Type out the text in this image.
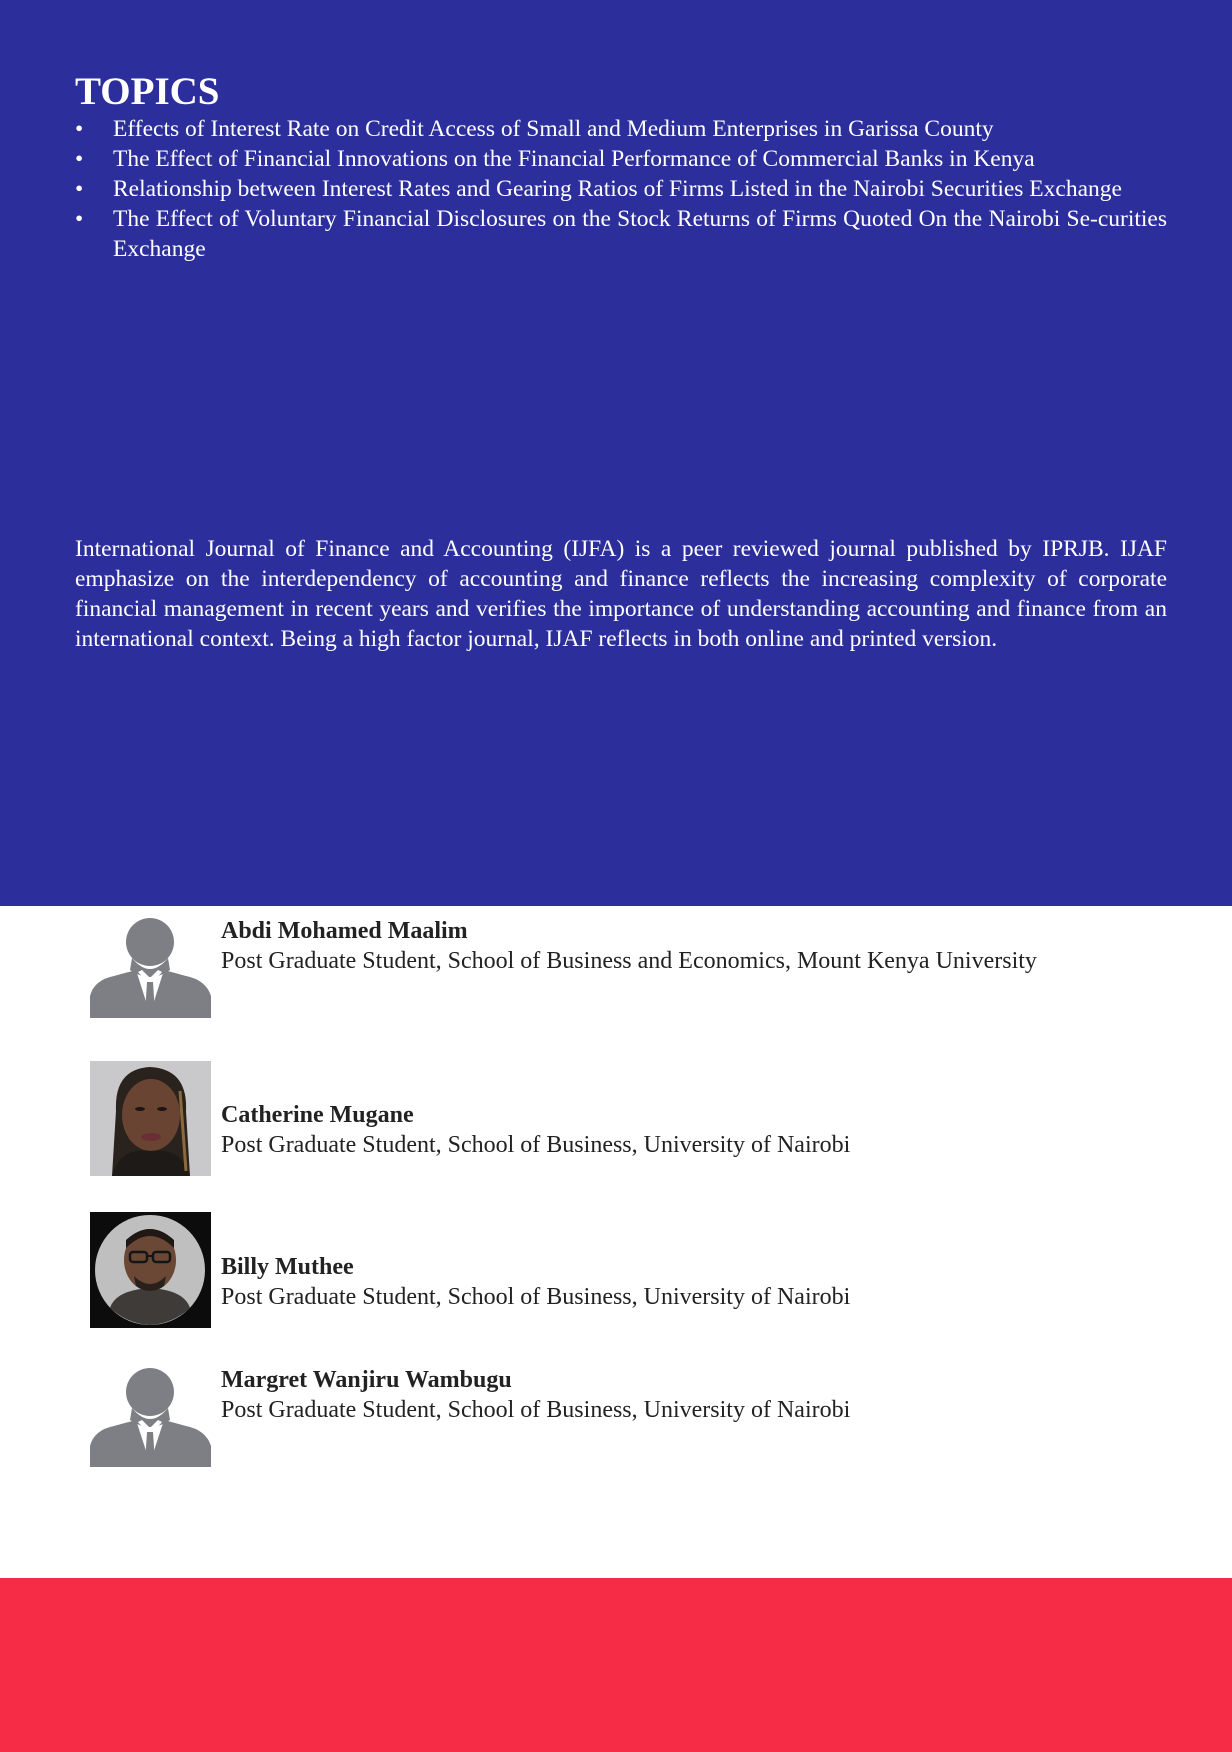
TOPICS
•	Effects of Interest Rate on Credit Access of Small and Medium Enterprises in Garissa County
•	The Effect of Financial Innovations on the Financial Performance of Commercial Banks in Kenya
•	Relationship between Interest Rates and Gearing Ratios of Firms Listed in the Nairobi Securities Exchange
•	The Effect of Voluntary Financial Disclosures on the Stock Returns of Firms Quoted On the Nairobi Se-curities Exchange

International Journal of Finance and Accounting (IJFA) is a peer reviewed journal published by IPRJB. IJAF emphasize on the interdependency of accounting and finance reflects the increasing complexity of corporate financial management in recent years and verifies the importance of understanding accounting and finance from an international context. Being a high factor journal, IJAF reflects in both online and printed version.

Abdi Mohamed Maalim
Post Graduate Student, School of Business and Economics, Mount Kenya University
Catherine Mugane
Post Graduate Student, School of Business, University of Nairobi
Billy Muthee
Post Graduate Student, School of Business, University of Nairobi
Margret Wanjiru Wambugu
Post Graduate Student, School of Business, University of Nairobi
